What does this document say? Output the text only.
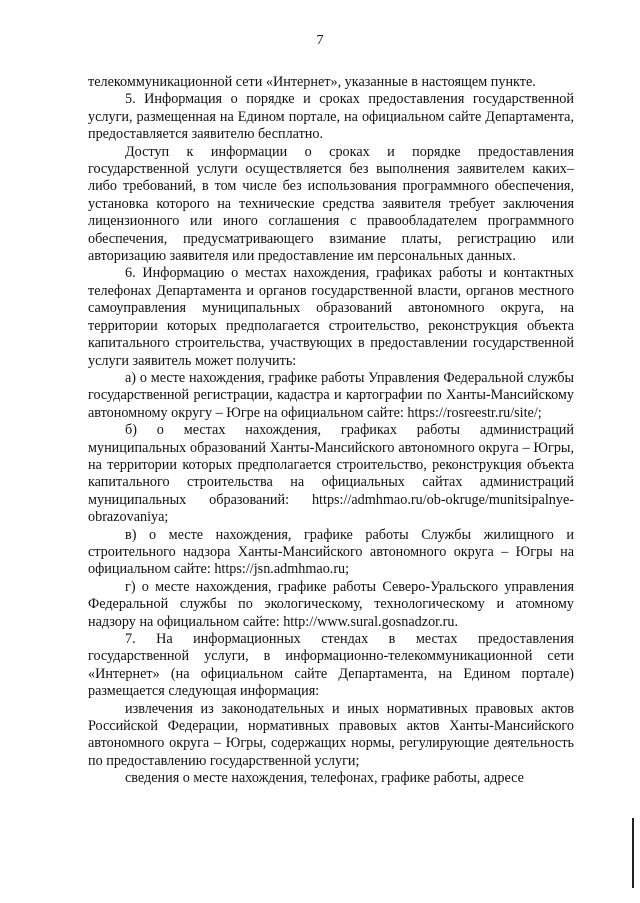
7

телекоммуникационной сети «Интернет», указанные в настоящем пункте.

5. Информация о порядке и сроках предоставления государственной услуги, размещенная на Едином портале, на официальном сайте Департамента, предоставляется заявителю бесплатно.

Доступ к информации о сроках и порядке предоставления государственной услуги осуществляется без выполнения заявителем каких–либо требований, в том числе без использования программного обеспечения, установка которого на технические средства заявителя требует заключения лицензионного или иного соглашения с правообладателем программного обеспечения, предусматривающего взимание платы, регистрацию или авторизацию заявителя или предоставление им персональных данных.

6. Информацию о местах нахождения, графиках работы и контактных телефонах Департамента и органов государственной власти, органов местного самоуправления муниципальных образований автономного округа, на территории которых предполагается строительство, реконструкция объекта капитального строительства, участвующих в предоставлении государственной услуги заявитель может получить:

а) о месте нахождения, графике работы Управления Федеральной службы государственной регистрации, кадастра и картографии по Ханты-Мансийскому автономному округу – Югре на официальном сайте: https://rosreestr.ru/site/;

б) о местах нахождения, графиках работы администраций муниципальных образований Ханты-Мансийского автономного округа – Югры, на территории которых предполагается строительство, реконструкция объекта капитального строительства на официальных сайтах администраций муниципальных образований: https://admhmao.ru/ob-okruge/munitsipalnye-obrazovaniya;

в) о месте нахождения, графике работы Службы жилищного и строительного надзора Ханты-Мансийского автономного округа – Югры на официальном сайте: https://jsn.admhmao.ru;

г) о месте нахождения, графике работы Северо-Уральского управления Федеральной службы по экологическому, технологическому и атомному надзору на официальном сайте: http://www.sural.gosnadzor.ru.

7. На информационных стендах в местах предоставления государственной услуги, в информационно-телекоммуникационной сети «Интернет» (на официальном сайте Департамента, на Едином портале) размещается следующая информация:

извлечения из законодательных и иных нормативных правовых актов Российской Федерации, нормативных правовых актов Ханты-Мансийского автономного округа – Югры, содержащих нормы, регулирующие деятельность по предоставлению государственной услуги;

сведения о месте нахождения, телефонах, графике работы, адресе
